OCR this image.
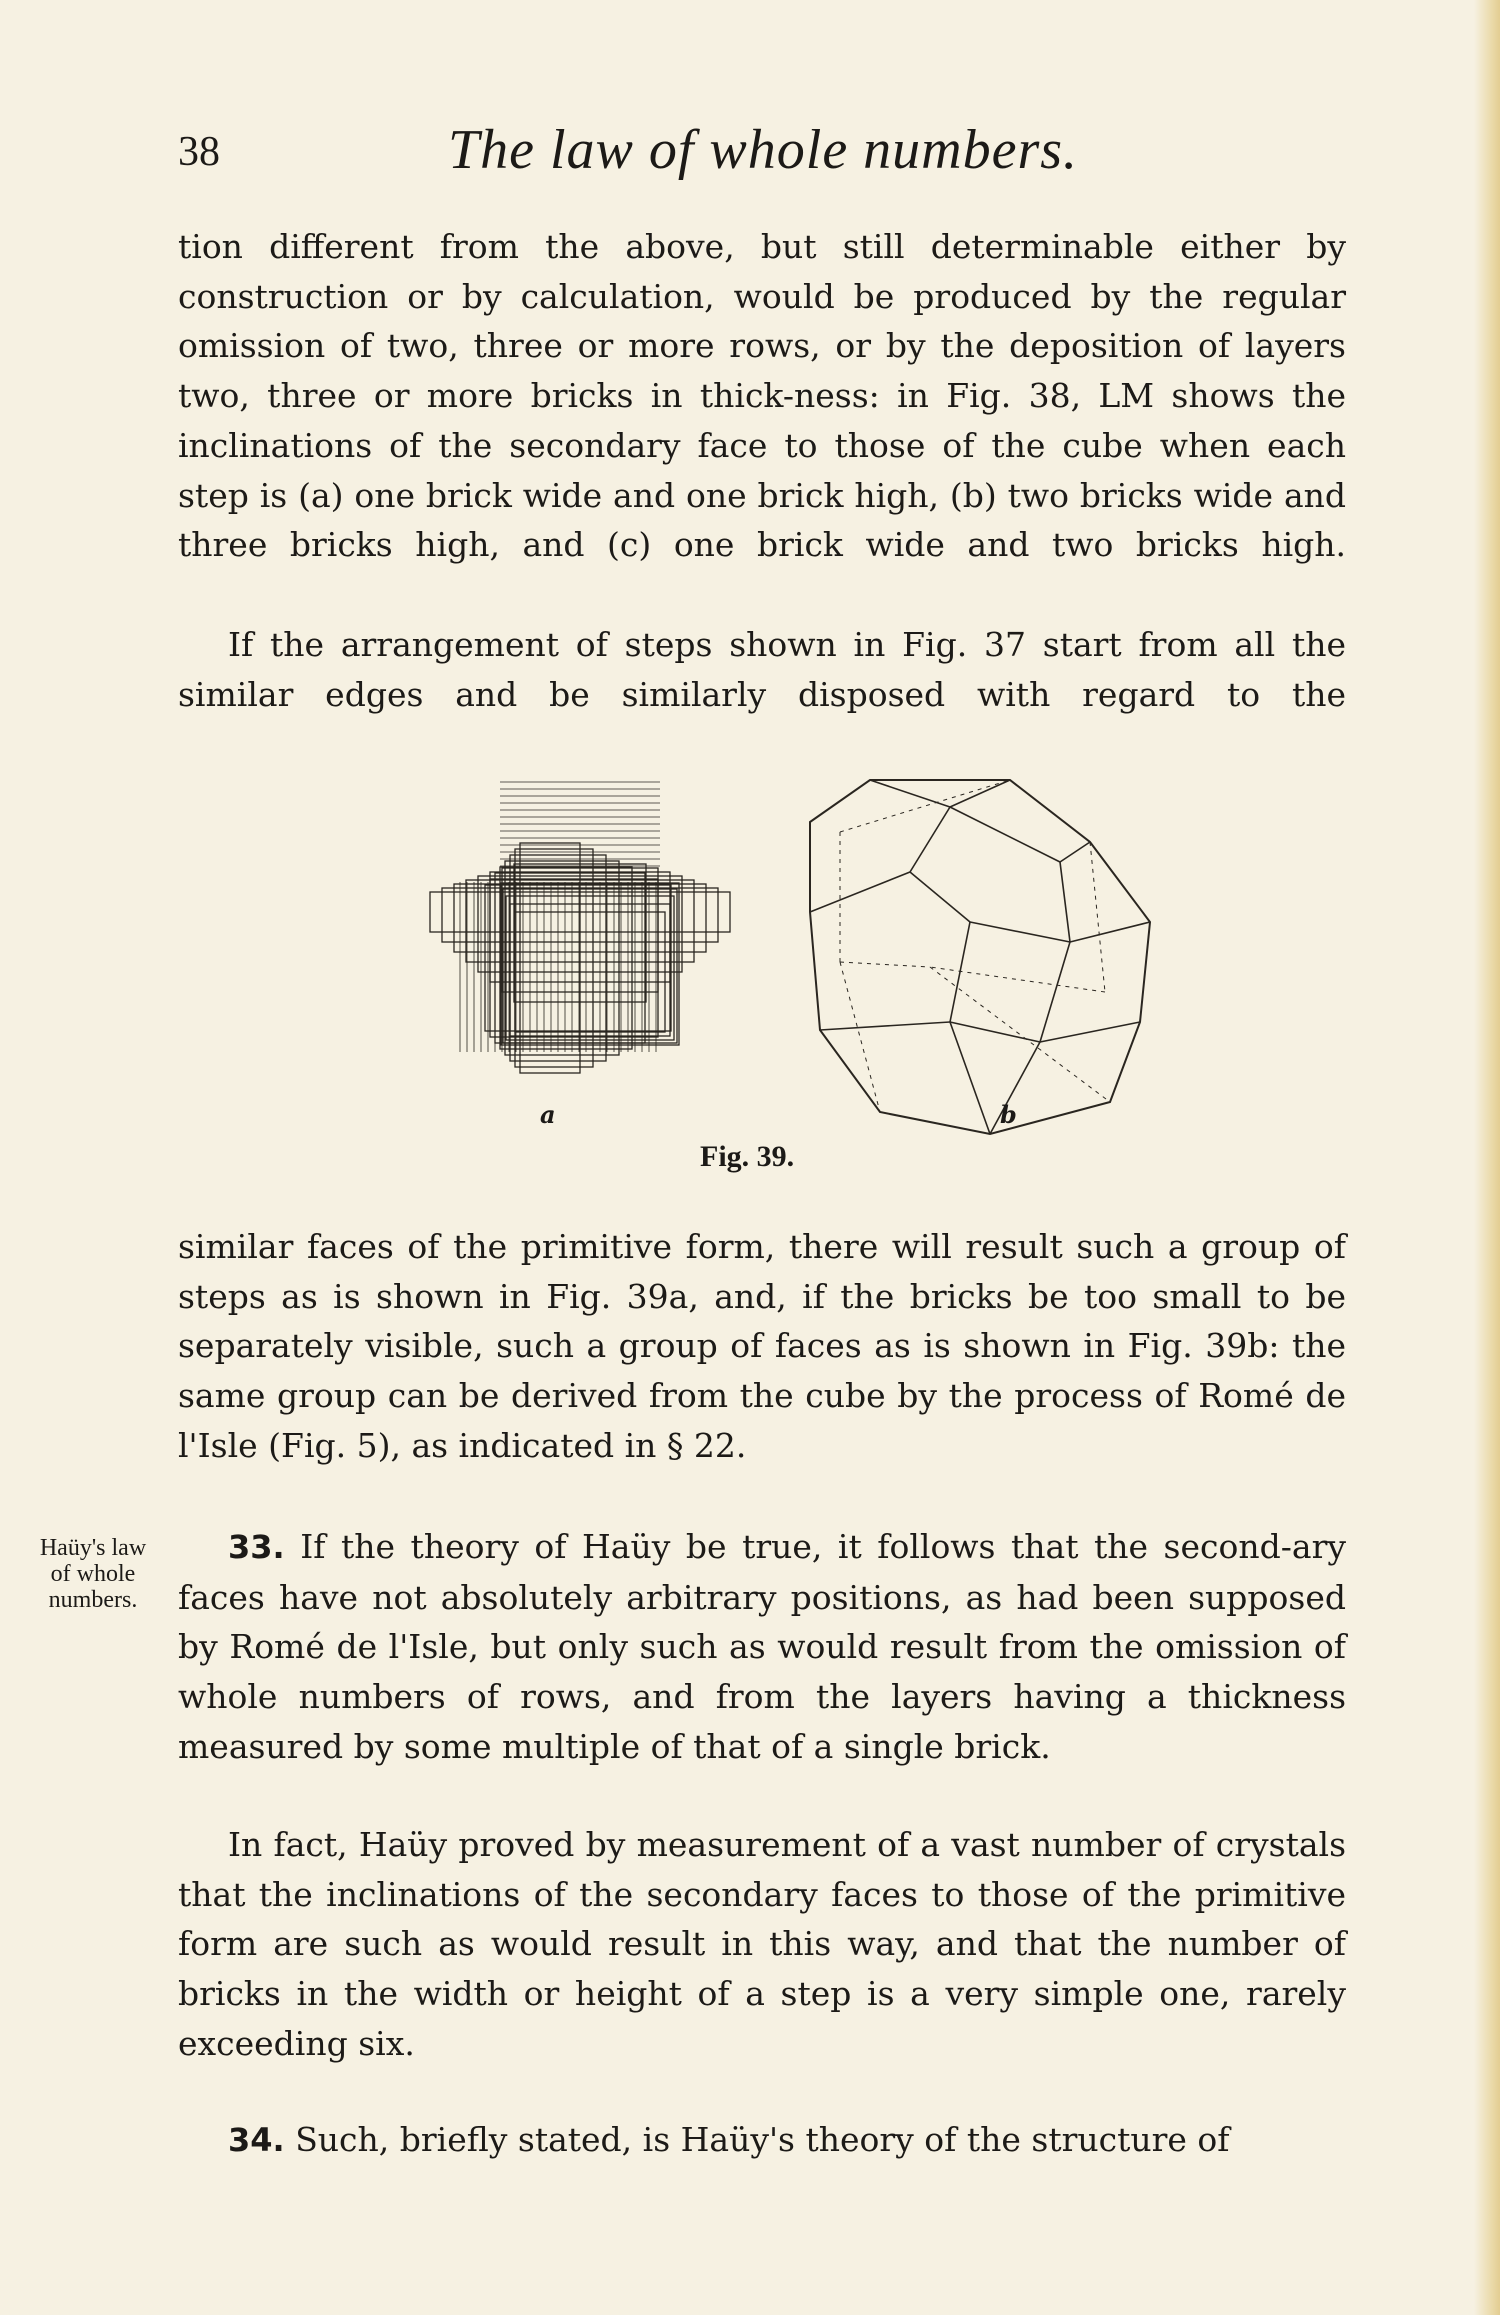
38	The law of whole numbers.

tion different from the above, but still determinable either by construction or by calculation, would be produced by the regular omission of two, three or more rows, or by the deposition of layers two, three or more bricks in thick-ness: in Fig. 38, LM shows the inclinations of the secondary face to those of the cube when each step is (a) one brick wide and one brick high, (b) two bricks wide and three bricks high, and (c) one brick wide and two bricks high.

If the arrangement of steps shown in Fig. 37 start from all the similar edges and be similarly disposed with regard to the

a	b
Fig. 39.

similar faces of the primitive form, there will result such a group of steps as is shown in Fig. 39a, and, if the bricks be too small to be separately visible, such a group of faces as is shown in Fig. 39b: the same group can be derived from the cube by the process of Romé de l'Isle (Fig. 5), as indicated in § 22.

Haüy's law
of whole
numbers.

33. If the theory of Haüy be true, it follows that the second-ary faces have not absolutely arbitrary positions, as had been supposed by Romé de l'Isle, but only such as would result from the omission of whole numbers of rows, and from the layers having a thickness measured by some multiple of that of a single brick.

In fact, Haüy proved by measurement of a vast number of crystals that the inclinations of the secondary faces to those of the primitive form are such as would result in this way, and that the number of bricks in the width or height of a step is a very simple one, rarely exceeding six.

34. Such, briefly stated, is Haüy's theory of the structure of
